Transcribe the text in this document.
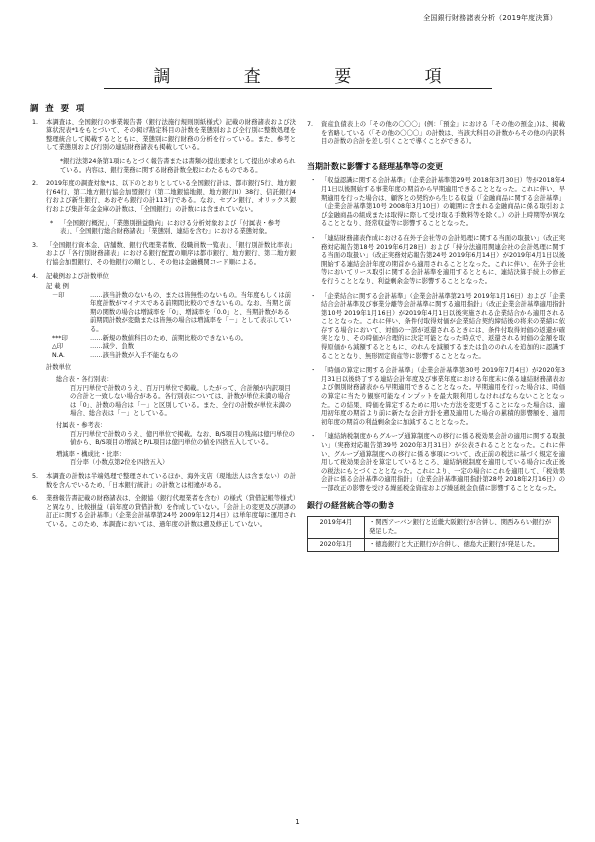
全国銀行財務諸表分析（2019年度決算）
調 査 要 項
調 査 要 項
1. 本調査は、全国銀行の事業報告書（銀行法施行規則別紙様式）記載の財務諸表および決算状況表*1をもとづいて、その掲げ勘定科目の計数を業態別および全行別に整数処理を整理統合して掲載するとともに、業態別に銀行財務の分析を行っている。また、参考として業態別および行別の連結財務諸表も掲載している。
*銀行法第24条第1項にもとづく報告書または書類の提出要求として提出が求められている。内容は、銀行業務に関する財務計数全般にわたるものである。
2. 2019年度の調査対象*は、以下のとおりとしている全国銀行計は、都市銀行5行、地方銀行64行、第二地方銀行協会加盟銀行（第二地銀協地銀、地方銀行II）38行、信託銀行4行および新生銀行、あおぞら銀行の計113行である。なお、セブン銀行、オリックス銀行および集計年金金庫の計数は、「全国銀行」の計数には含まれていない。
* 「全国銀行概況」、「業態別損益動向」における分析対象および「付属表・参考表」、「全国銀行総合財務諸表」「業態別、連結を含む」における業態対象。
3. 「全国銀行資本金、店舗数、銀行代理業者数、役職員数一覧表」、「銀行別計数比率表」および「各行別財務諸表」における銀行配置の順序は都市銀行、地方銀行、第二地方銀行協会加盟銀行、その他銀行の順とし、その他は金融機関コード順による。
4. 記載例および計数単位
記 載 例
－印	……該当計数のないもの、または皆無性のないもの。当年度もしくは前年度計数がマイナスである前期間比較のできないもの。なお、当期と前期の関数の場合は増減率を「0」、増減率を「0.0」と、当期計数がある前期間計数が変動または皆無の場合は増減率を「－」として表示している。
***印	……新規の数値科目のため、前期比較のできないもの。
△印	……減少、負数
N.A.	……該当計数が入手不能なもの
計数単位
総合表・各行別表：
百万円単位で計数のうえ、百万円単位で掲載。したがって、合計額が内訳項目の合計と一致しない場合がある。各行別表については、計数が単位未満の場合は「0」、計数の場合は「－」と区別している。また、全行の計数が単位未満の場合、総合表は「－」としている。
付属表・参考表：
百万円単位で計数のうえ、億円単位で掲載。なお、B/S項目の残高は億円単位の値から、B/S項目の増減とP/L項目は億円単位の値を四捨五入している。
増減率・構成比・比率：
百分率（小数点第2位を四捨五入）
5. 本調査の計数は半端処理で整理されているほか、海外支店（現地法人は含まない）の計数を含んでいるため、「日本銀行統計」の計数とは相違がある。
6. 業務報告書記載の財務諸表は、全銀協（銀行代理業者を含む）の様式（貸借記帳等様式）と異なり、比較損益（前年度の貸借計数）を作成していない。「会計上の変更及び誤謬の訂正に関する会計基準」（企業会計基準第24号 2009年12月4日）は単年度毎に運用されている。このため、本調査においては、過年度の計数は遡及修正していない。
7. 資産負債表上の「その他の〇〇〇」(例：「預金」における「その他の預金」)は、掲載を省略している（「その他の〇〇〇」の計数は、当該大科目の計数からその他の内訳科目の計数の合計を差し引くことで導くことができる）。
当期計数に影響する経理基準等の変更
・ 「収益認識に関する会計基準」（企業会計基準第29号 2018年3月30日）等が2018年4月1日以後開始する事業年度の期首から早期適用できることとなった。これに伴い、早期適用を行った場合は、顧客との契約から生じる収益（「金融商品に関する会計基準」（企業会計基準第10号 2008年3月10日）の範囲に含まれる金融商品に係る取引および金融商品の組成または取得に際して受け取る手数料等を除く。）の計上時期等が異なることとなり、経常収益等に影響することとなった。
・ 「連結財務諸表作成における在外子会社等の会計処理に関する当面の取扱い」（改正実務対応報告第18号 2019年6月28日）および「持分法適用関連会社の会計処理に関する当面の取扱い」（改正実務対応報告第24号 2019年6月14日）が2019年4月1日以後開始する連結会計年度の期首から適用されることとなった。これに伴い、在外子会社等においてリース取引に関する会計基準を適用するとともに、連結決算手続上の修正を行うこととなり、利益剰余金等に影響することとなった。
・ 「企業結合に関する会計基準」（企業会計基準第21号 2019年1月16日）および「企業結合会計基準及び事業分離等会計基準に関する適用指針」（改正企業会計基準適用指針第10号 2019年1月16日）が2019年4月1日以後実施される企業結合から適用されることとなった。これに伴い、条件付取得対価が企業結合契約締結後の将来の業績に依存する場合において、対価の一部が返還されるときには、条件付取得対価の返還が確実となり、その時価が合理的に決定可能となった時点で、返還される対価の金額を取得原価から減額するとともに、のれんを減額するまたは負ののれんを追加的に認識することとなり、無形固定資産等に影響することとなった。
・ 「時価の算定に関する会計基準」（企業会計基準第30号 2019年7月4日）が2020年3月31日以後終了する連結会計年度及び事業年度における年度末に係る連結財務諸表および個別財務諸表から早期適用できることとなった。早期適用を行った場合は、時価の算定に当たり観察可能なインプットを最大限利用しなければならないこととなった。この結果、時価を算定するために用いた方法を変更することになった場合は、適用初年度の期首より前に新たな会計方針を遡及適用した場合の累積的影響額を、適用初年度の期首の利益剰余金に加減することとなった。
・ 「連結納税制度からグループ通算制度への移行に係る税効果会計の適用に関する取扱い」（実務対応報告第39号 2020年3月31日）が公表されることとなった。これに伴い、グループ通算制度への移行に係る事項について、改正前の税法に基づく規定を適用して税効果会計を算定しているところ、連結納税制度を適用している場合に改正後の税法にもとづくこととなった。これにより、一定の場合にこれを適用して、「税効果会計に係る会計基準の適用指針」（企業会計基準適用指針第28号 2018年2月16日）の一部改正の影響を受ける繰延税金資産および繰延税金負債に影響することとなった。
銀行の経営統合等の動き
2019年4月	・関西アーバン銀行と近畿大阪銀行が合併し、関西みらい銀行が発足した。
2020年1月	・徳島銀行と大正銀行が合併し、徳島大正銀行が発足した。
1
